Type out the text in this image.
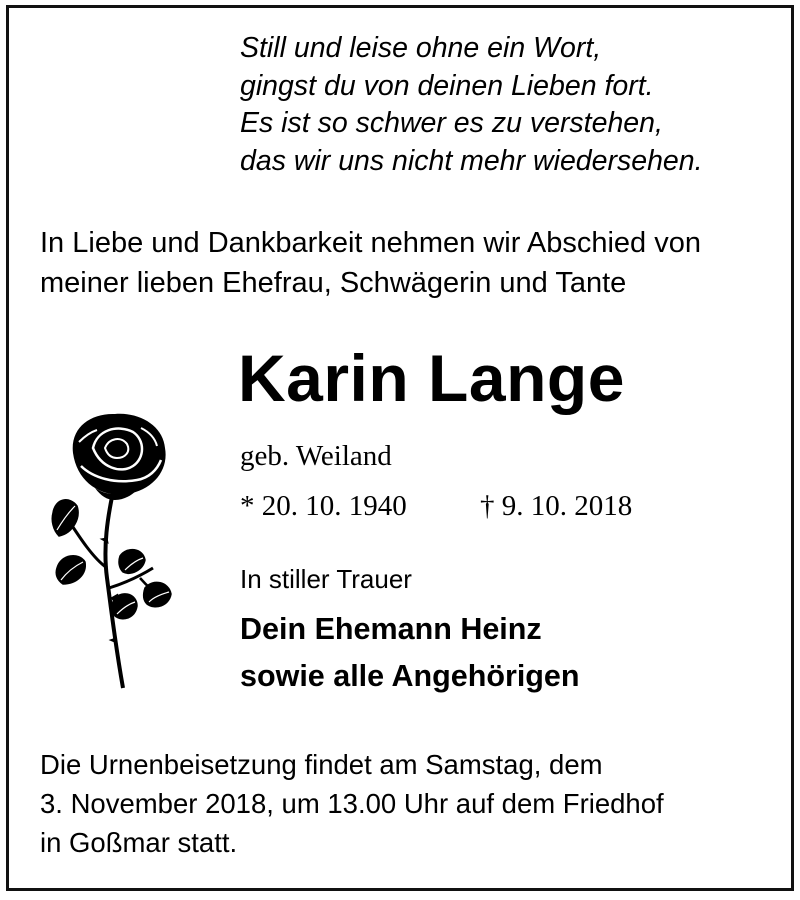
Still und leise ohne ein Wort,
gingst du von deinen Lieben fort.
Es ist so schwer es zu verstehen,
das wir uns nicht mehr wiedersehen.
In Liebe und Dankbarkeit nehmen wir Abschied von
meiner lieben Ehefrau, Schwägerin und Tante
Karin Lange
geb. Weiland
* 20. 10. 1940	† 9. 10. 2018
In stiller Trauer
Dein Ehemann Heinz
sowie alle Angehörigen
Die Urnenbeisetzung findet am Samstag, dem
3. November 2018, um 13.00 Uhr auf dem Friedhof
in Goßmar statt.
